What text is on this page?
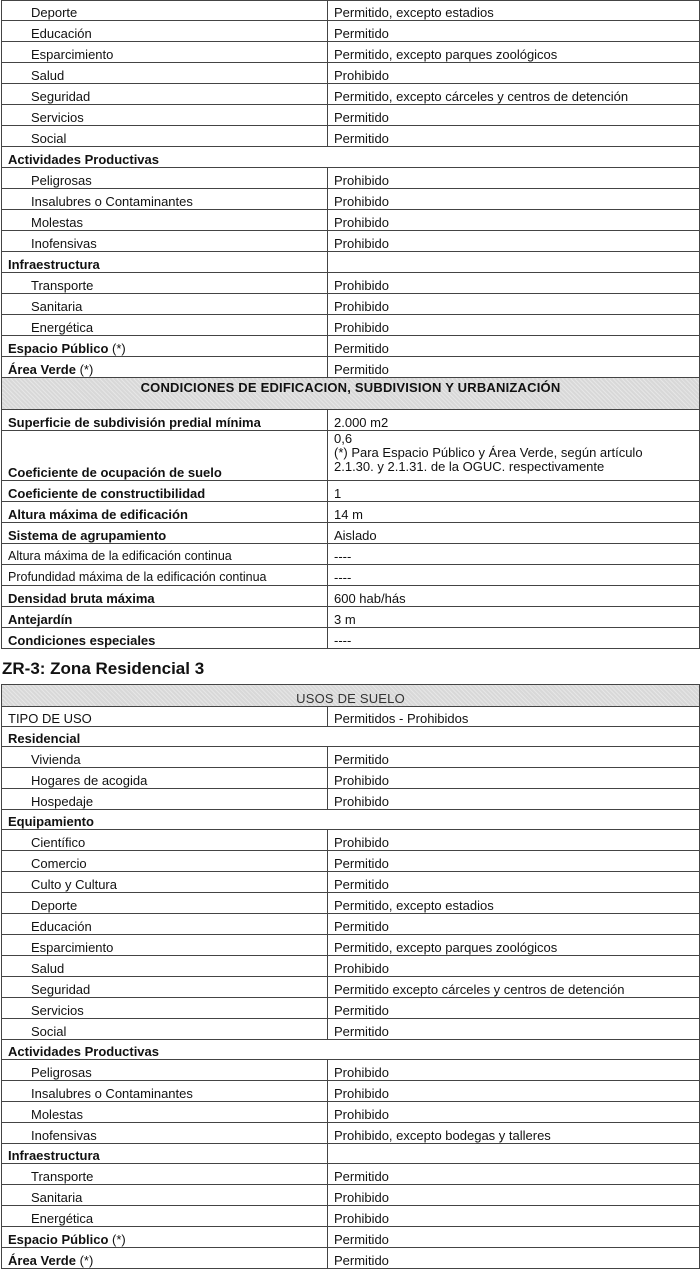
Deporte	Permitido, excepto estadios
Educación	Permitido
Esparcimiento	Permitido, excepto parques zoológicos
Salud	Prohibido
Seguridad	Permitido, excepto cárceles y centros de detención
Servicios	Permitido
Social	Permitido
Actividades Productivas	
Peligrosas	Prohibido
Insalubres o Contaminantes	Prohibido
Molestas	Prohibido
Inofensivas	Prohibido
Infraestructura	
Transporte	Prohibido
Sanitaria	Prohibido
Energética	Prohibido
Espacio Público (*)	Permitido
Área Verde (*)	Permitido
CONDICIONES DE EDIFICACION, SUBDIVISION Y URBANIZACIÓN	
Superficie de subdivisión predial mínima	2.000 m2
Coeficiente de ocupación de suelo	0,6
(*) Para Espacio Público y Área Verde, según artículo
2.1.30. y 2.1.31. de la OGUC. respectivamente

Coeficiente de constructibilidad	1
Altura máxima de edificación	14 m
Sistema de agrupamiento	Aislado
Altura máxima de la edificación continua	----
Profundidad máxima de la edificación continua	----
Densidad bruta máxima	600 hab/hás
Antejardín	3 m
Condiciones especiales	----
ZR-3: Zona Residencial 3
USOS DE SUELO	
TIPO DE USO	Permitidos - Prohibidos
Residencial	
Vivienda	Permitido
Hogares de acogida	Prohibido
Hospedaje	Prohibido
Equipamiento	
Científico	Prohibido
Comercio	Permitido
Culto y Cultura	Permitido
Deporte	Permitido, excepto estadios
Educación	Permitido
Esparcimiento	Permitido, excepto parques zoológicos
Salud	Prohibido
Seguridad	Permitido excepto cárceles y centros de detención
Servicios	Permitido
Social	Permitido
Actividades Productivas	
Peligrosas	Prohibido
Insalubres o Contaminantes	Prohibido
Molestas	Prohibido
Inofensivas	Prohibido, excepto bodegas y talleres
Infraestructura	
Transporte	Permitido
Sanitaria	Prohibido
Energética	Prohibido
Espacio Público (*)	Permitido
Área Verde (*)	Permitido
